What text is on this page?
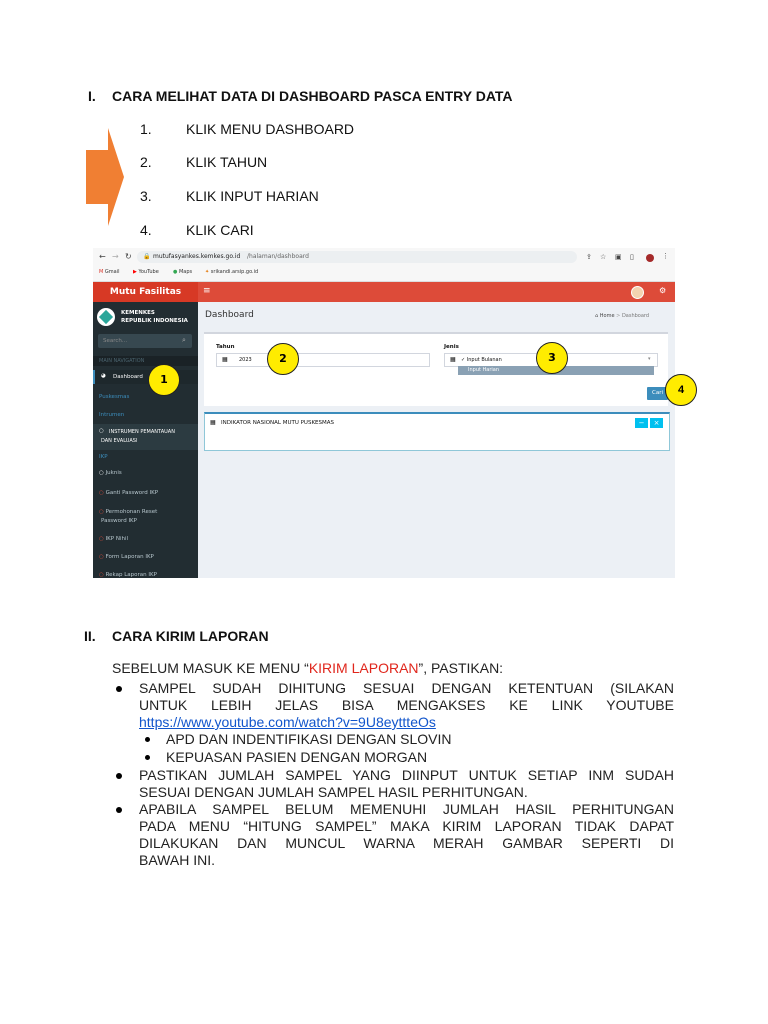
I. CARA MELIHAT DATA DI DASHBOARD PASCA ENTRY DATA
1. KLIK MENU DASHBOARD
2. KLIK TAHUN
3. KLIK INPUT HARIAN
4. KLIK CARI
← → ↻ 🔒 mutufasyankes.kemkes.go.id /halaman/dashboard	⇪ ☆ ▣ ▯	⋮
M Gmail	▶ YouTube	● Maps	✦ srikandi.arsip.go.id
≡	⚙
Mutu Fasilitas
KEMENKES
REPUBLIK INDONESIA
Search...	⌕
MAIN NAVIGATION
◕ Dashboard
Puskesmas
Intrumen
○ INSTRUMEN PEMANTAUAN
DAN EVALUASI
IKP
○ Juknis
○ Ganti Password IKP
○ Permohonan Reset
Password IKP
○ IKP Nihil
○ Form Laporan IKP
○ Rekap Laporan IKP
Dashboard	⌂ Home > Dashboard
Tahun
▦ 2023
Jenis
▦ ✓ Input Bulanan	▾
Input Harian
Cari
▦ INDIKATOR NASIONAL MUTU PUSKESMAS	−	×
1
2	3
4
II. CARA KIRIM LAPORAN
SEBELUM MASUK KE MENU “KIRIM LAPORAN”, PASTIKAN:
SAMPEL SUDAH DIHITUNG SESUAI DENGAN KETENTUAN (SILAKAN
UNTUK LEBIH JELAS BISA MENGAKSES KE LINK YOUTUBE
https://www.youtube.com/watch?v=9U8eyttteOs
APD DAN INDENTIFIKASI DENGAN SLOVIN
KEPUASAN PASIEN DENGAN MORGAN
PASTIKAN JUMLAH SAMPEL YANG DIINPUT UNTUK SETIAP INM SUDAH
SESUAI DENGAN JUMLAH SAMPEL HASIL PERHITUNGAN.
APABILA SAMPEL BELUM MEMENUHI JUMLAH HASIL PERHITUNGAN
PADA MENU “HITUNG SAMPEL” MAKA KIRIM LAPORAN TIDAK DAPAT
DILAKUKAN DAN MUNCUL WARNA MERAH GAMBAR SEPERTI DI
BAWAH INI.
